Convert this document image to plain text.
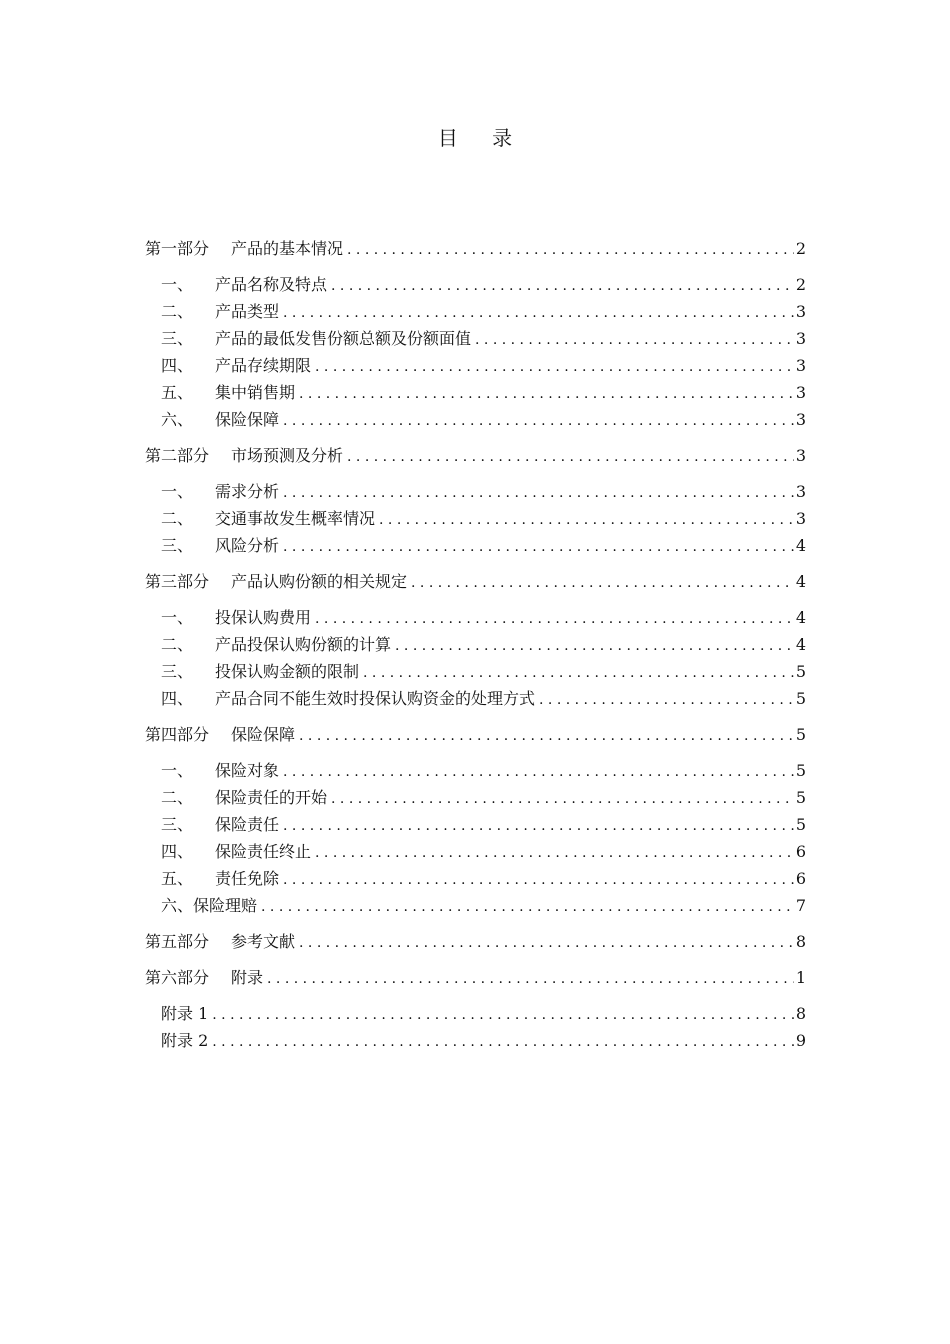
目 录
第一部分 产品的基本情况 . . .	2
一、 产品名称及特点 . . .	2
二、 产品类型 . . .	3
三、 产品的最低发售份额总额及份额面值 . . .	3
四、 产品存续期限 . . .	3
五、 集中销售期 . . .	3
六、 保险保障 . . .	3
第二部分 市场预测及分析 . . .	3
一、 需求分析 . . .	3
二、 交通事故发生概率情况 . . .	3
三、 风险分析 . . .	4
第三部分 产品认购份额的相关规定 . . .	4
一、 投保认购费用 . . .	4
二、 产品投保认购份额的计算 . . .	4
三、 投保认购金额的限制 . . .	5
四、 产品合同不能生效时投保认购资金的处理方式 . . .	5
第四部分 保险保障 . . .	5
一、 保险对象 . . .	5
二、 保险责任的开始 . . .	5
三、 保险责任 . . .	5
四、 保险责任终止 . . .	6
五、 责任免除 . . .	6
六、保险理赔 . . .	7
第五部分 参考文献 . . .	8
第六部分 附录 . . .	1
附录 1 . . .	8
附录 2 . . .	9
